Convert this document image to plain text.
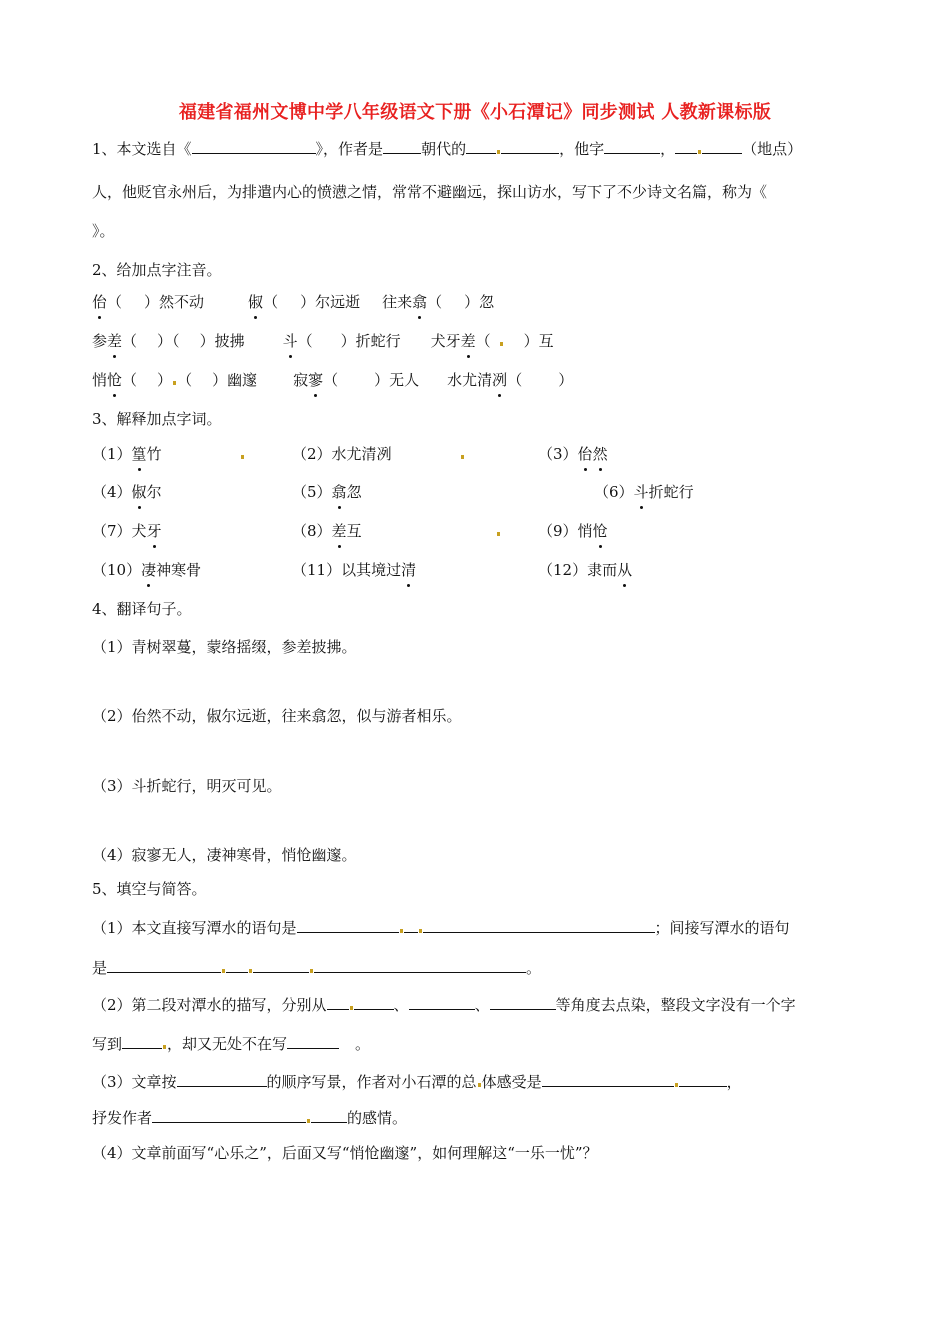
福建省福州文博中学八年级语文下册《小石潭记》同步测试 人教新课标版
1、本文选自《	》，作者是	朝代的	，他字	，	（地点）
人，他贬官永州后，为排遣内心的愤懑之情，常常不避幽远，探山访水，写下了不少诗文名篇，称为《
》。
2、给加点字注音。
佁（ ）然不动	俶（ ）尔远逝 往来翕（ ）忽
参差（ ）（ ）披拂	斗（ ）折蛇行 犬牙差（ ）互
悄怆（ ） （ ）幽邃 寂寥（ ）无人 水尤清冽（ ）
3、解释加点字词。
（1）篁竹	（2）水尤清冽	（3）佁然
（4）俶尔	（5）翕忽	（6）斗折蛇行
（7）犬牙	（8）差互	（9）悄怆
（10）凄神寒骨	（11）以其境过清	（12）隶而从
4、翻译句子。
（1）青树翠蔓，蒙络摇缀，参差披拂。
（2）佁然不动，俶尔远逝，往来翕忽，似与游者相乐。
（3）斗折蛇行，明灭可见。
（4）寂寥无人，凄神寒骨，悄怆幽邃。
5、填空与简答。
（1）本文直接写潭水的语句是	；间接写潭水的语句
是	。
（2）第二段对潭水的描写，分别从	、	、	等角度去点染，整段文字没有一个字
写到	，却又无处不在写	。
（3）文章按	的顺序写景，作者对小石潭的总 体感受是	，
抒发作者	的感情。
（4）文章前面写“心乐之”，后面又写“悄怆幽邃”，如何理解这“一乐一忧”？
